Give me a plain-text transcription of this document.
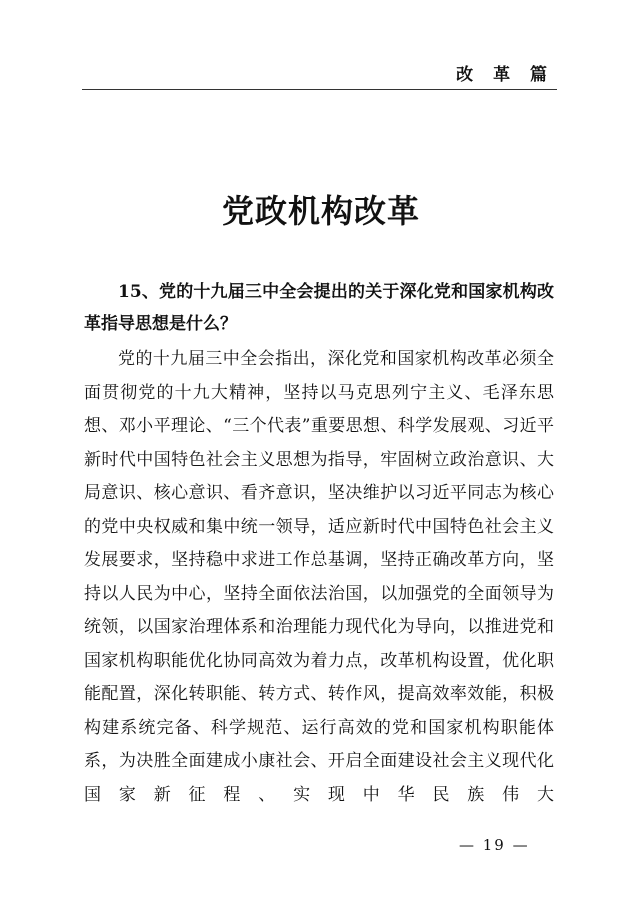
改 革 篇
党政机构改革

15、党的十九届三中全会提出的关于深化党和国家机构改革指导思想是什么？

党的十九届三中全会指出，深化党和国家机构改革必须全面贯彻党的十九大精神，坚持以马克思列宁主义、毛泽东思想、邓小平理论、“三个代表”重要思想、科学发展观、习近平新时代中国特色社会主义思想为指导，牢固树立政治意识、大局意识、核心意识、看齐意识，坚决维护以习近平同志为核心的党中央权威和集中统一领导，适应新时代中国特色社会主义发展要求，坚持稳中求进工作总基调，坚持正确改革方向，坚持以人民为中心，坚持全面依法治国，以加强党的全面领导为统领，以国家治理体系和治理能力现代化为导向，以推进党和国家机构职能优化协同高效为着力点，改革机构设置，优化职能配置，深化转职能、转方式、转作风，提高效率效能，积极构建系统完备、科学规范、运行高效的党和国家机构职能体系，为决胜全面建成小康社会、开启全面建设社会主义现代化国家新征程、实现中华民族伟大

— 19 —
